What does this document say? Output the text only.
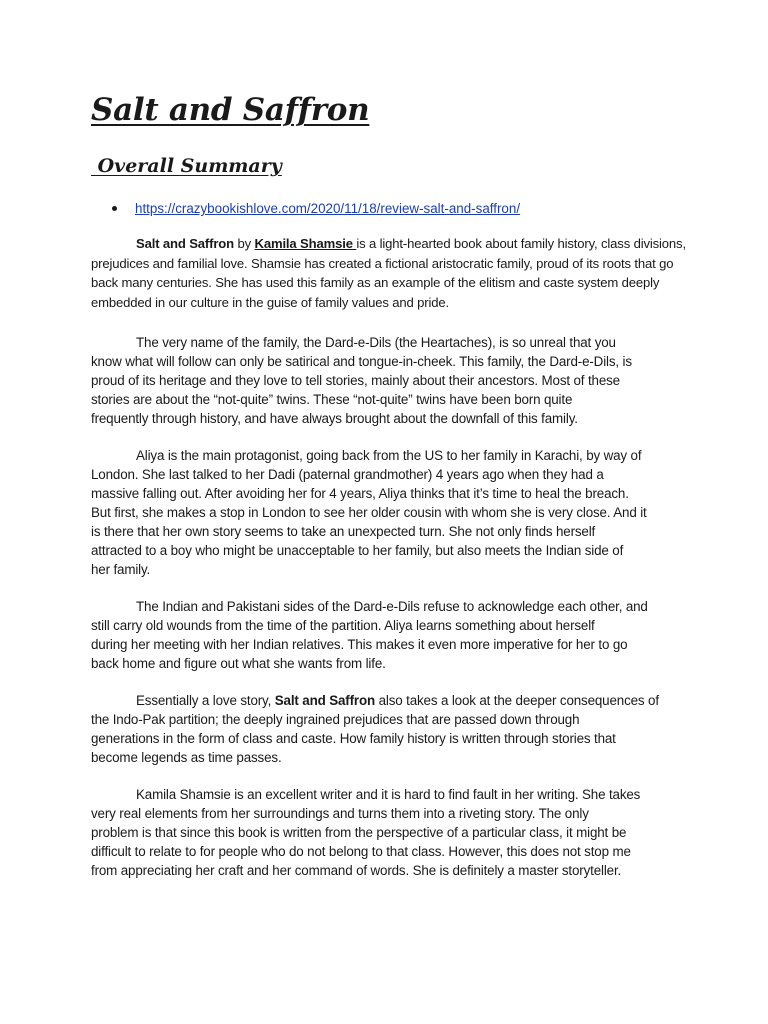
Salt and Saffron
Overall Summary
https://crazybookishlove.com/2020/11/18/review-salt-and-saffron/
Salt and Saffron by Kamila Shamsie is a light-hearted book about family history, class divisions,
prejudices and familial love. Shamsie has created a fictional aristocratic family, proud of its roots that go
back many centuries. She has used this family as an example of the elitism and caste system deeply
embedded in our culture in the guise of family values and pride.
The very name of the family, the Dard-e-Dils (the Heartaches), is so unreal that you
know what will follow can only be satirical and tongue-in-cheek. This family, the Dard-e-Dils, is
proud of its heritage and they love to tell stories, mainly about their ancestors. Most of these
stories are about the “not-quite” twins. These “not-quite” twins have been born quite
frequently through history, and have always brought about the downfall of this family.
Aliya is the main protagonist, going back from the US to her family in Karachi, by way of
London. She last talked to her Dadi (paternal grandmother) 4 years ago when they had a
massive falling out. After avoiding her for 4 years, Aliya thinks that it’s time to heal the breach.
But first, she makes a stop in London to see her older cousin with whom she is very close. And it
is there that her own story seems to take an unexpected turn. She not only finds herself
attracted to a boy who might be unacceptable to her family, but also meets the Indian side of
her family.
The Indian and Pakistani sides of the Dard-e-Dils refuse to acknowledge each other, and
still carry old wounds from the time of the partition. Aliya learns something about herself
during her meeting with her Indian relatives. This makes it even more imperative for her to go
back home and figure out what she wants from life.
Essentially a love story, Salt and Saffron also takes a look at the deeper consequences of
the Indo-Pak partition; the deeply ingrained prejudices that are passed down through
generations in the form of class and caste. How family history is written through stories that
become legends as time passes.
Kamila Shamsie is an excellent writer and it is hard to find fault in her writing. She takes
very real elements from her surroundings and turns them into a riveting story. The only
problem is that since this book is written from the perspective of a particular class, it might be
difficult to relate to for people who do not belong to that class. However, this does not stop me
from appreciating her craft and her command of words. She is definitely a master storyteller.
